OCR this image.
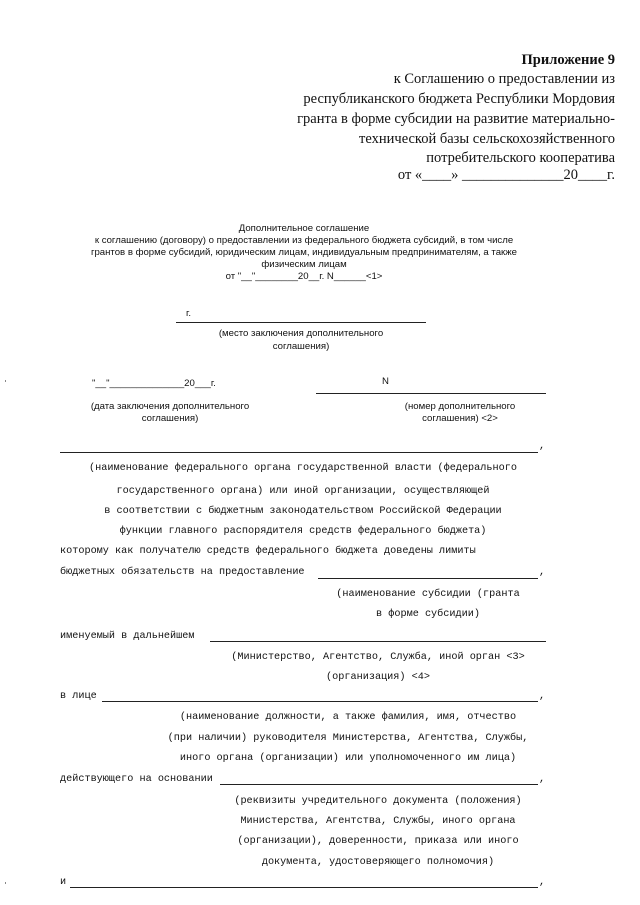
Приложение 9
к Соглашению о предоставлении из
республиканского бюджета Республики Мордовия
гранта в форме субсидии на развитие материально-
технической базы сельскохозяйственного
потребительского кооператива
от «____» ______________20____г.
Дополнительное соглашение
к соглашению (договору) о предоставлении из федерального бюджета субсидий, в том числе
грантов в форме субсидий, юридическим лицам, индивидуальным предпринимателям, а также
физическим лицам
от "__"________20__г. N______<1>
г.
(место заключения дополнительного
соглашения)
"__"______________20___г.
(дата заключения дополнительного
соглашения)
N
(номер дополнительного
соглашения) <2>
,
(наименование федерального органа государственной власти (федерального
государственного органа) или иной организации, осуществляющей
в соответствии с бюджетным законодательством Российской Федерации
функции главного распорядителя средств федерального бюджета)
которому как получателю средств федерального бюджета доведены лимиты
бюджетных обязательств на предоставление	,
(наименование субсидии (гранта
в форме субсидии)
именуемый в дальнейшем
(Министерство, Агентство, Служба, иной орган <3>
(организация) <4>
в лице	,
(наименование должности, а также фамилия, имя, отчество
(при наличии) руководителя Министерства, Агентства, Службы,
иного органа (организации) или уполномоченного им лица)
действующего на основании	,
(реквизиты учредительного документа (положения)
Министерства, Агентства, Службы, иного органа
(организации), доверенности, приказа или иного
документа, удостоверяющего полномочия)
и	,
